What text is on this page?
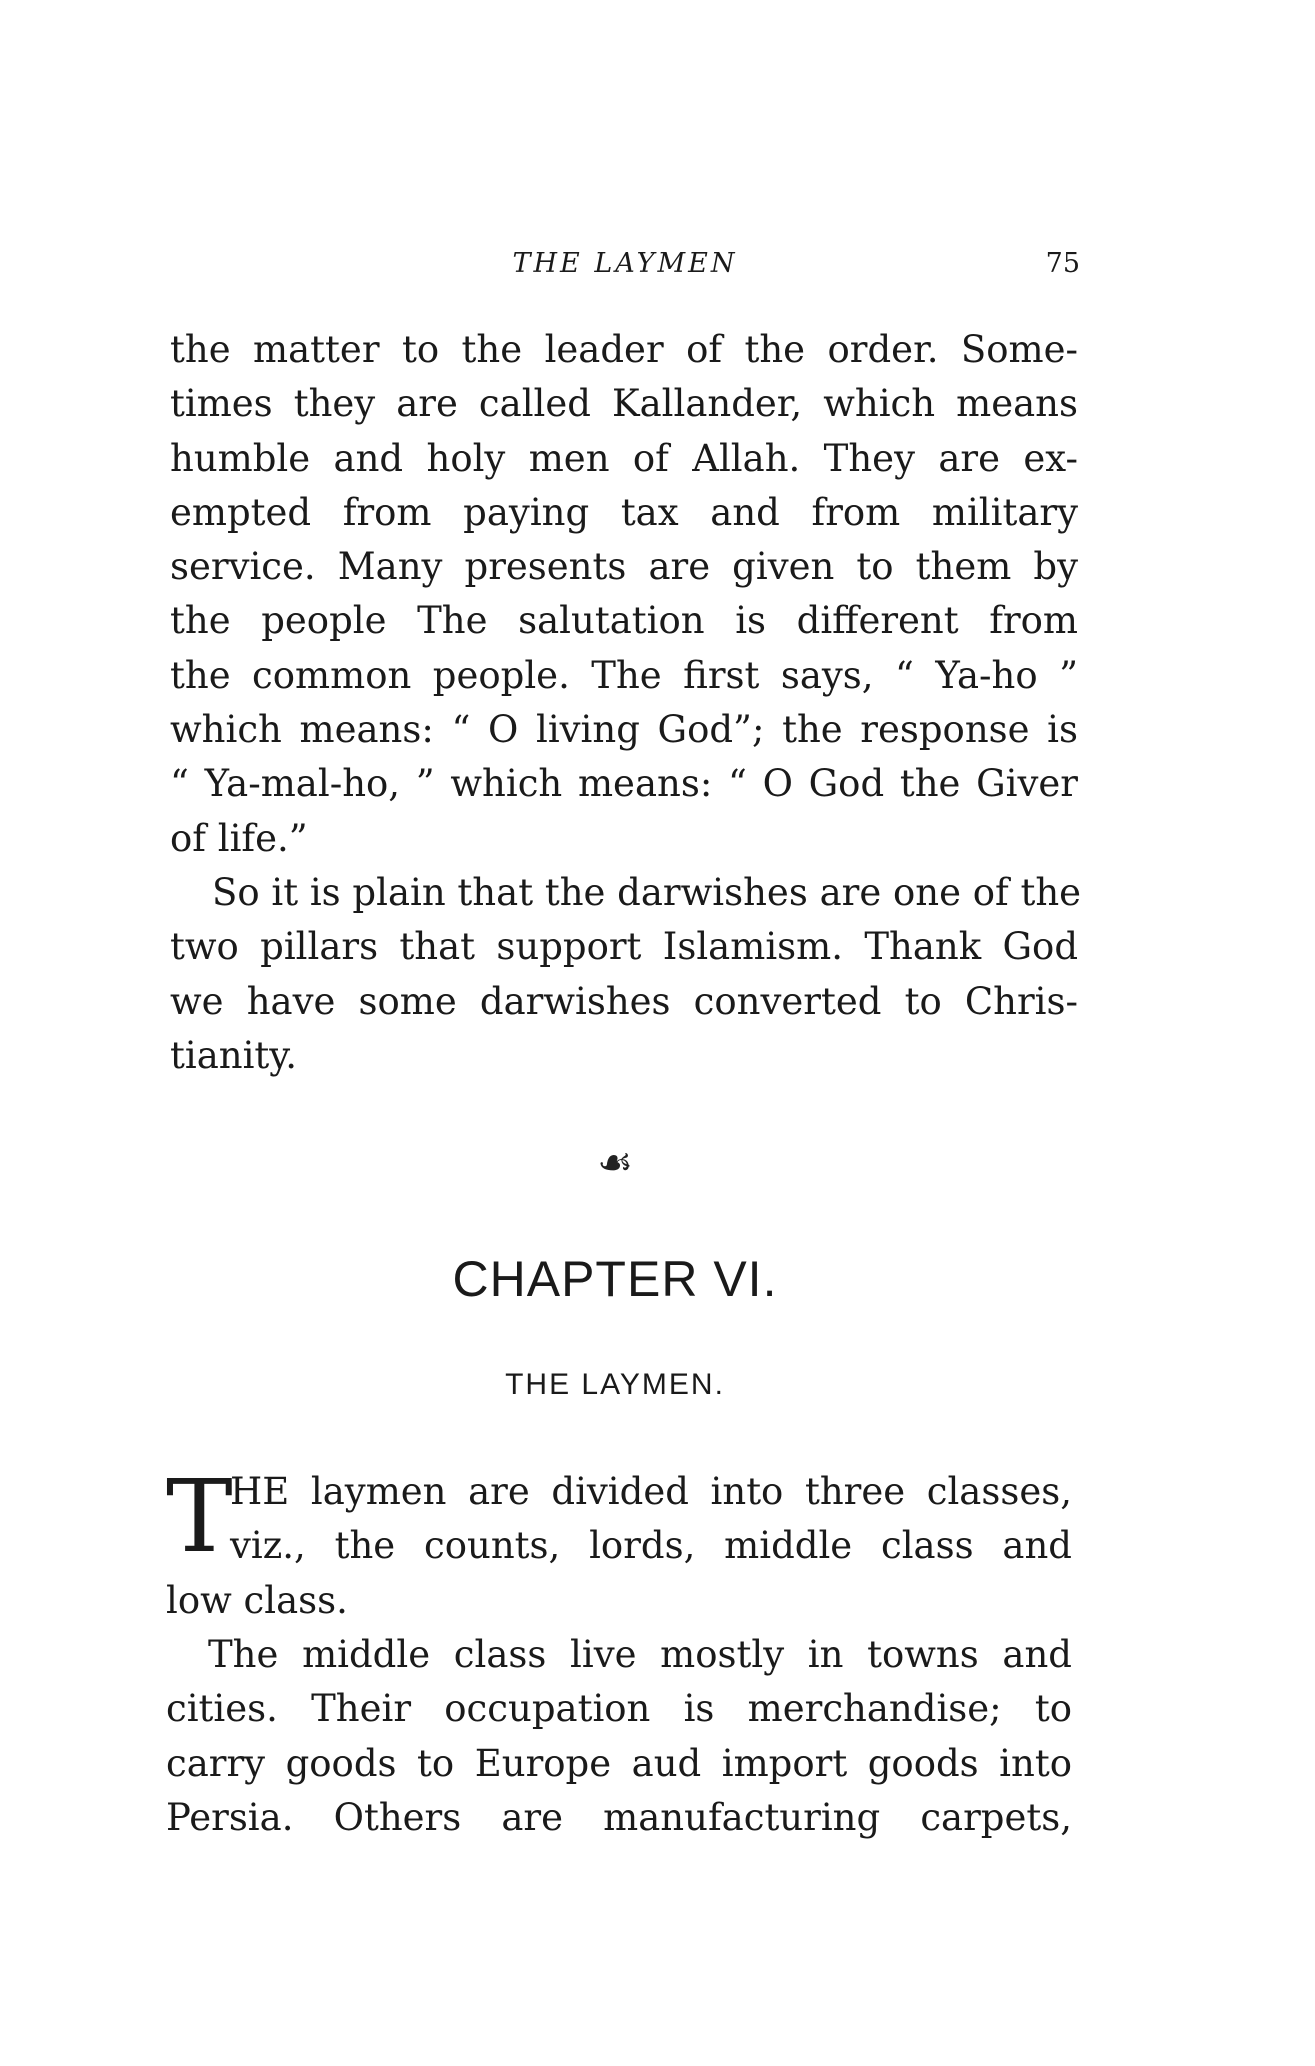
THE LAYMEN	75
the matter to the leader of the order. Some-
times they are called Kallander, which means
humble and holy men of Allah. They are ex-
empted from paying tax and from military
service. Many presents are given to them by
the people The salutation is different from
the common people. The first says, “ Ya-ho ”
which means: “ O living God”; the response is
“ Ya-mal-ho, ” which means: “ O God the Giver
of life.”
So it is plain that the darwishes are one of the
two pillars that support Islamism. Thank God
we have some darwishes converted to Chris-
tianity.
☙
CHAPTER VI.
THE LAYMEN.
T
HE laymen are divided into three classes,
viz., the counts, lords, middle class and
low class.
The middle class live mostly in towns and
cities. Their occupation is merchandise; to
carry goods to Europe aud import goods into
Persia. Others are manufacturing carpets,
